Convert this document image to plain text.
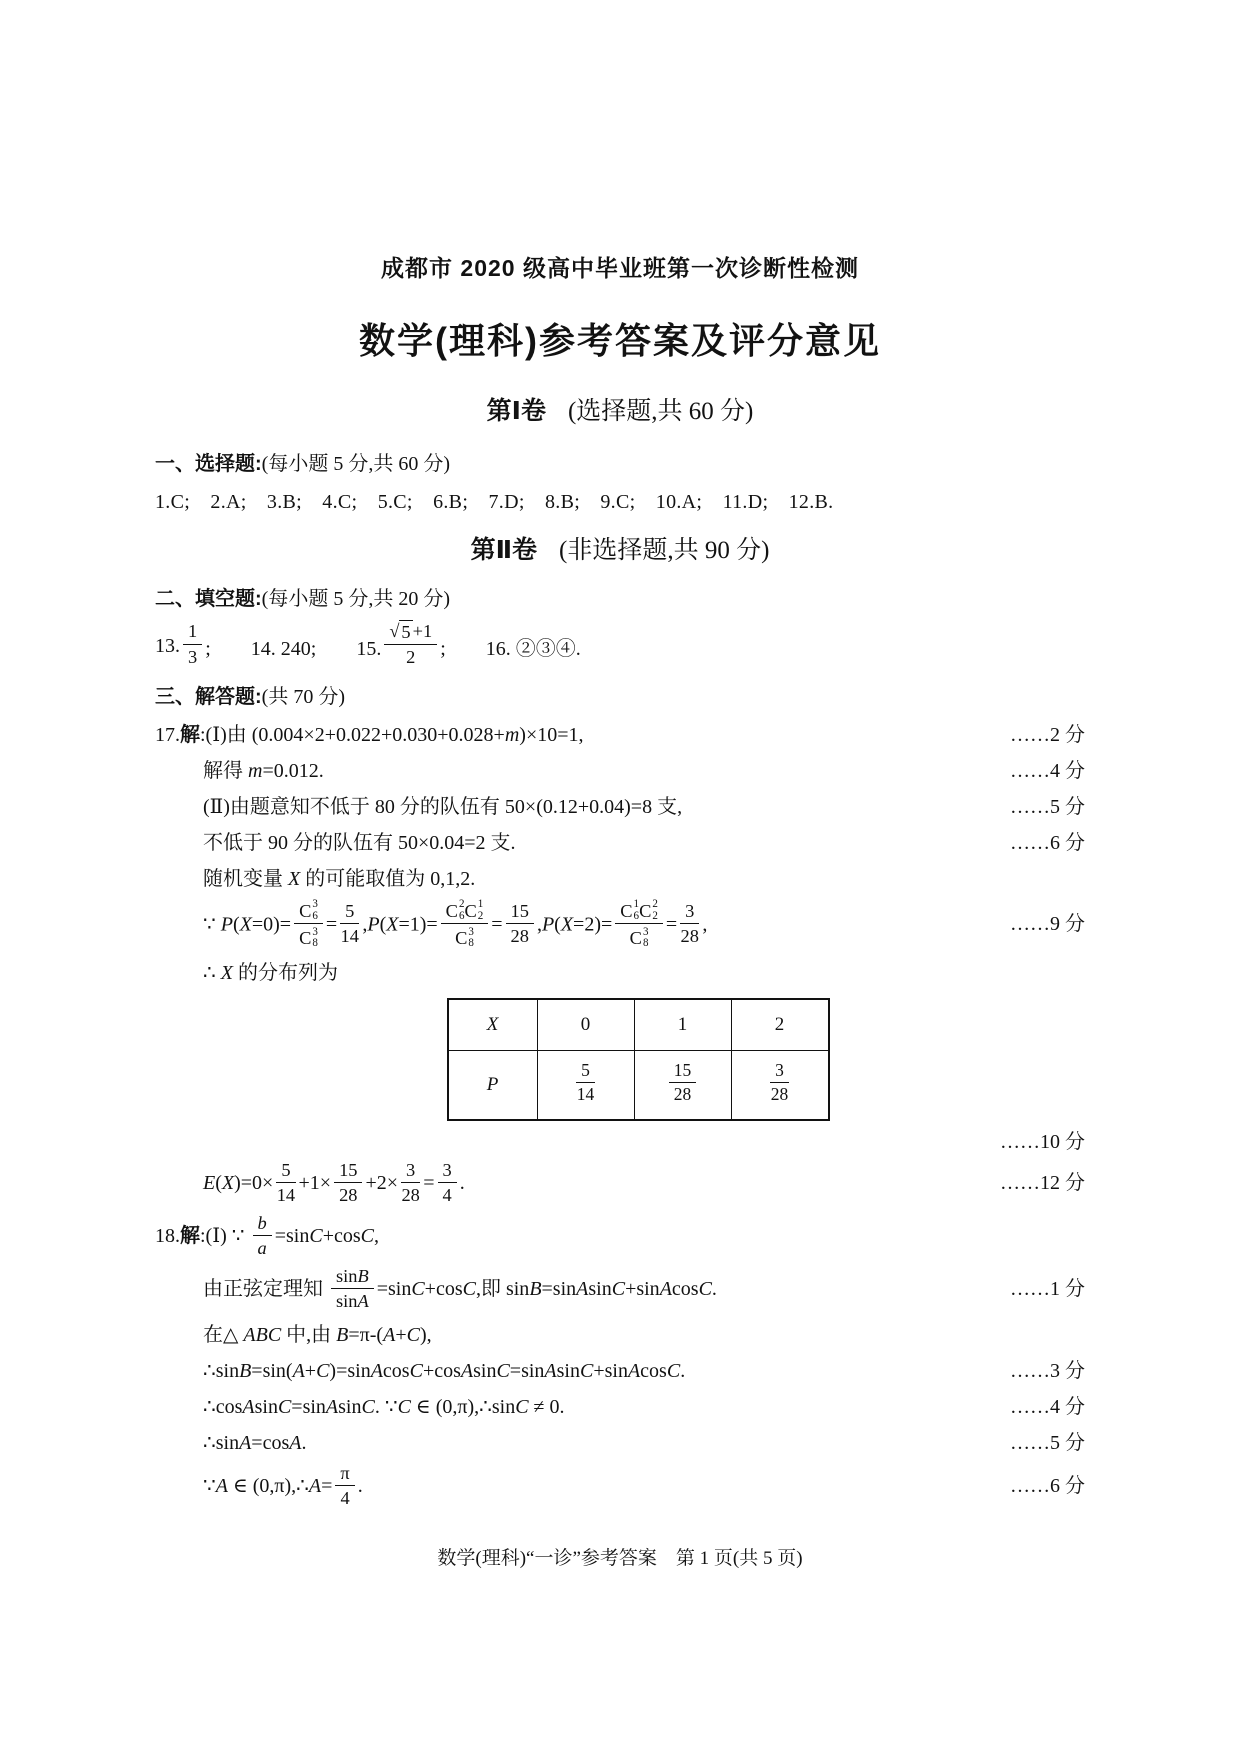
成都市 2020 级高中毕业班第一次诊断性检测
数学(理科)参考答案及评分意见
第Ⅰ卷 (选择题,共 60 分)
一、选择题:(每小题 5 分,共 60 分)
1.C;　2.A;　3.B;　4.C;　5.C;　6.B;　7.D;　8.B;　9.C;　10.A;　11.D;　12.B.
第Ⅱ卷 (非选择题,共 90 分)
二、填空题:(每小题 5 分,共 20 分)
13.
1
3 ;　　14. 240;　　15.
√ 5 +1
2 ;　　16. ②③④.
三、解答题:(共 70 分)
17.解:(Ⅰ)由 (0.004×2+0.022+0.030+0.028+m)×10=1,	……2 分
解得 m=0.012.	……4 分
(Ⅱ)由题意知不低于 80 分的队伍有 50×(0.12+0.04)=8 支,	……5 分
不低于 90 分的队伍有 50×0.04=2 支.	……6 分
随机变量 X 的可能取值为 0,1,2.
∵ P(X=0)= C 3
6
C 3
$8 = \frac{5}{14} ,P(X=1)= C$ 2
6 C 1
2
C 3
$8 = \frac{15}{28} ,P(X=2)= C$ 1
6 C 2
2
C 3
$8 = \frac{3}{28}$ ,	……9 分
∴ X 的分布列为
X	0	1	2
P	$\frac{5}{14}$	$\frac{15}{28}$	$\frac{3}{28}$
……10 分
$E(X)=0\times \frac{5}{14} +1\times \frac{15}{28} +2\times \frac{3}{28} = \frac{3}{4}$ .	……12 分
18.解:(Ⅰ) ∵ $\frac{b}{a} =\sin C+\cos C$,
由正弦定理知 $\frac{\sin B}{\sin A} =\sin C+\cos C$,即 sinB=sinAsinC+sinAcosC.	……1 分
在△ ABC 中,由 B=π-(A+C),
∴sinB=sin(A+C)=sinAcosC+cosAsinC=sinAsinC+sinAcosC.	……3 分
∴cosAsinC=sinAsinC. ∵C ∈ (0,π),∴sinC ≠ 0.	……4 分
∴sinA=cosA.	……5 分
∵A ∈ (0,π),∴A= $\frac{\pi}{4}$ .	……6 分
数学(理科)“一诊”参考答案　第 1 页(共 5 页)
